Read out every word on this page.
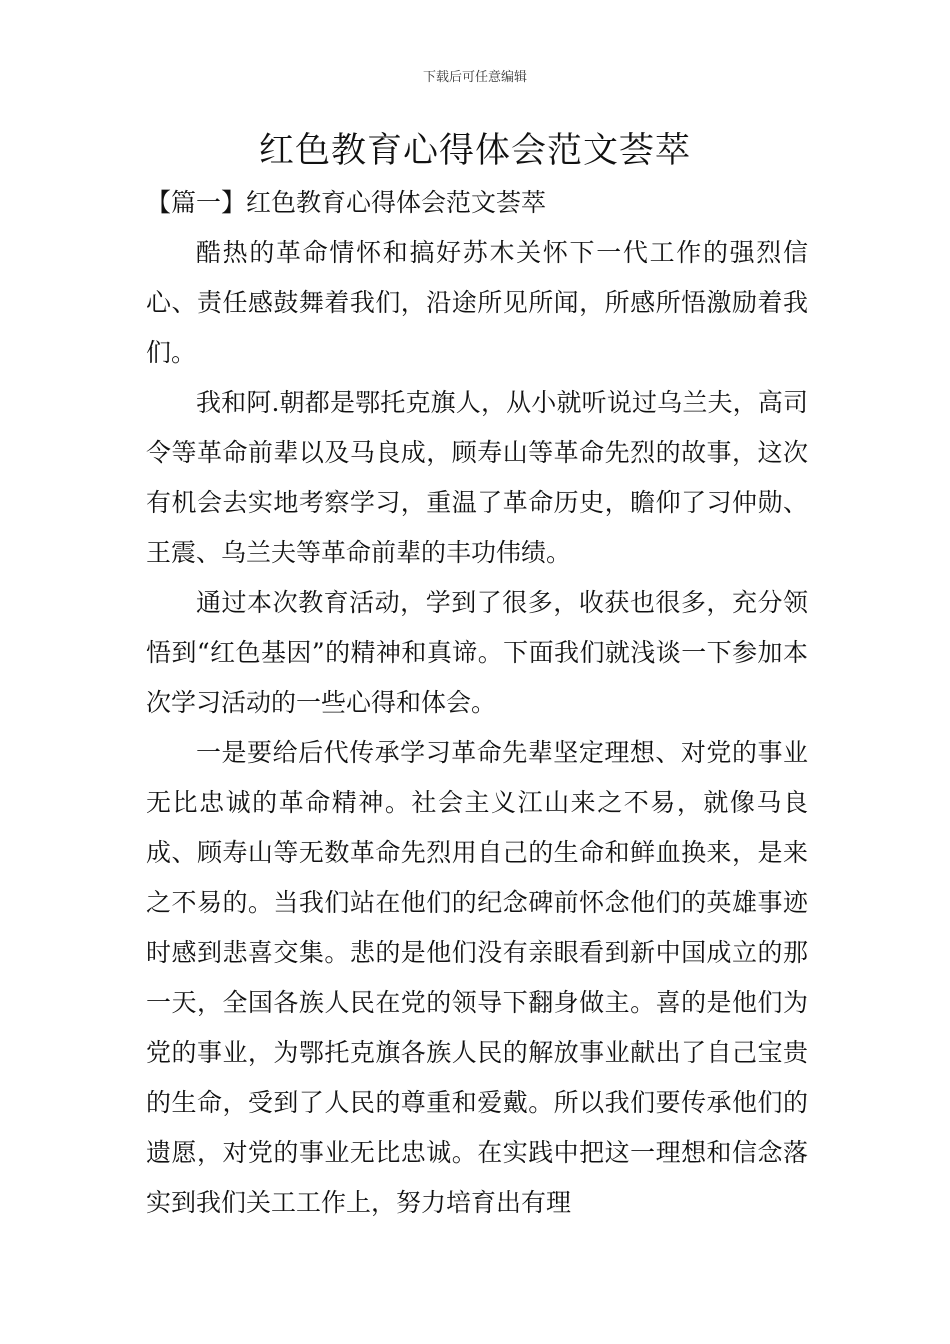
下载后可任意编辑
红色教育心得体会范文荟萃

【篇一】红色教育心得体会范文荟萃

酷热的革命情怀和搞好苏木关怀下一代工作的强烈信心、责任感鼓舞着我们，沿途所见所闻，所感所悟激励着我们。

我和阿.朝都是鄂托克旗人，从小就听说过乌兰夫，高司令等革命前辈以及马良成，顾寿山等革命先烈的故事，这次有机会去实地考察学习，重温了革命历史，瞻仰了习仲勋、王震、乌兰夫等革命前辈的丰功伟绩。

通过本次教育活动，学到了很多，收获也很多，充分领悟到“红色基因”的精神和真谛。下面我们就浅谈一下参加本次学习活动的一些心得和体会。

一是要给后代传承学习革命先辈坚定理想、对党的事业无比忠诚的革命精神。社会主义江山来之不易，就像马良成、顾寿山等无数革命先烈用自己的生命和鲜血换来，是来之不易的。当我们站在他们的纪念碑前怀念他们的英雄事迹时感到悲喜交集。悲的是他们没有亲眼看到新中国成立的那一天，全国各族人民在党的领导下翻身做主。喜的是他们为党的事业，为鄂托克旗各族人民的解放事业献出了自己宝贵的生命，受到了人民的尊重和爱戴。所以我们要传承他们的遗愿，对党的事业无比忠诚。在实践中把这一理想和信念落实到我们关工工作上，努力培育出有理
